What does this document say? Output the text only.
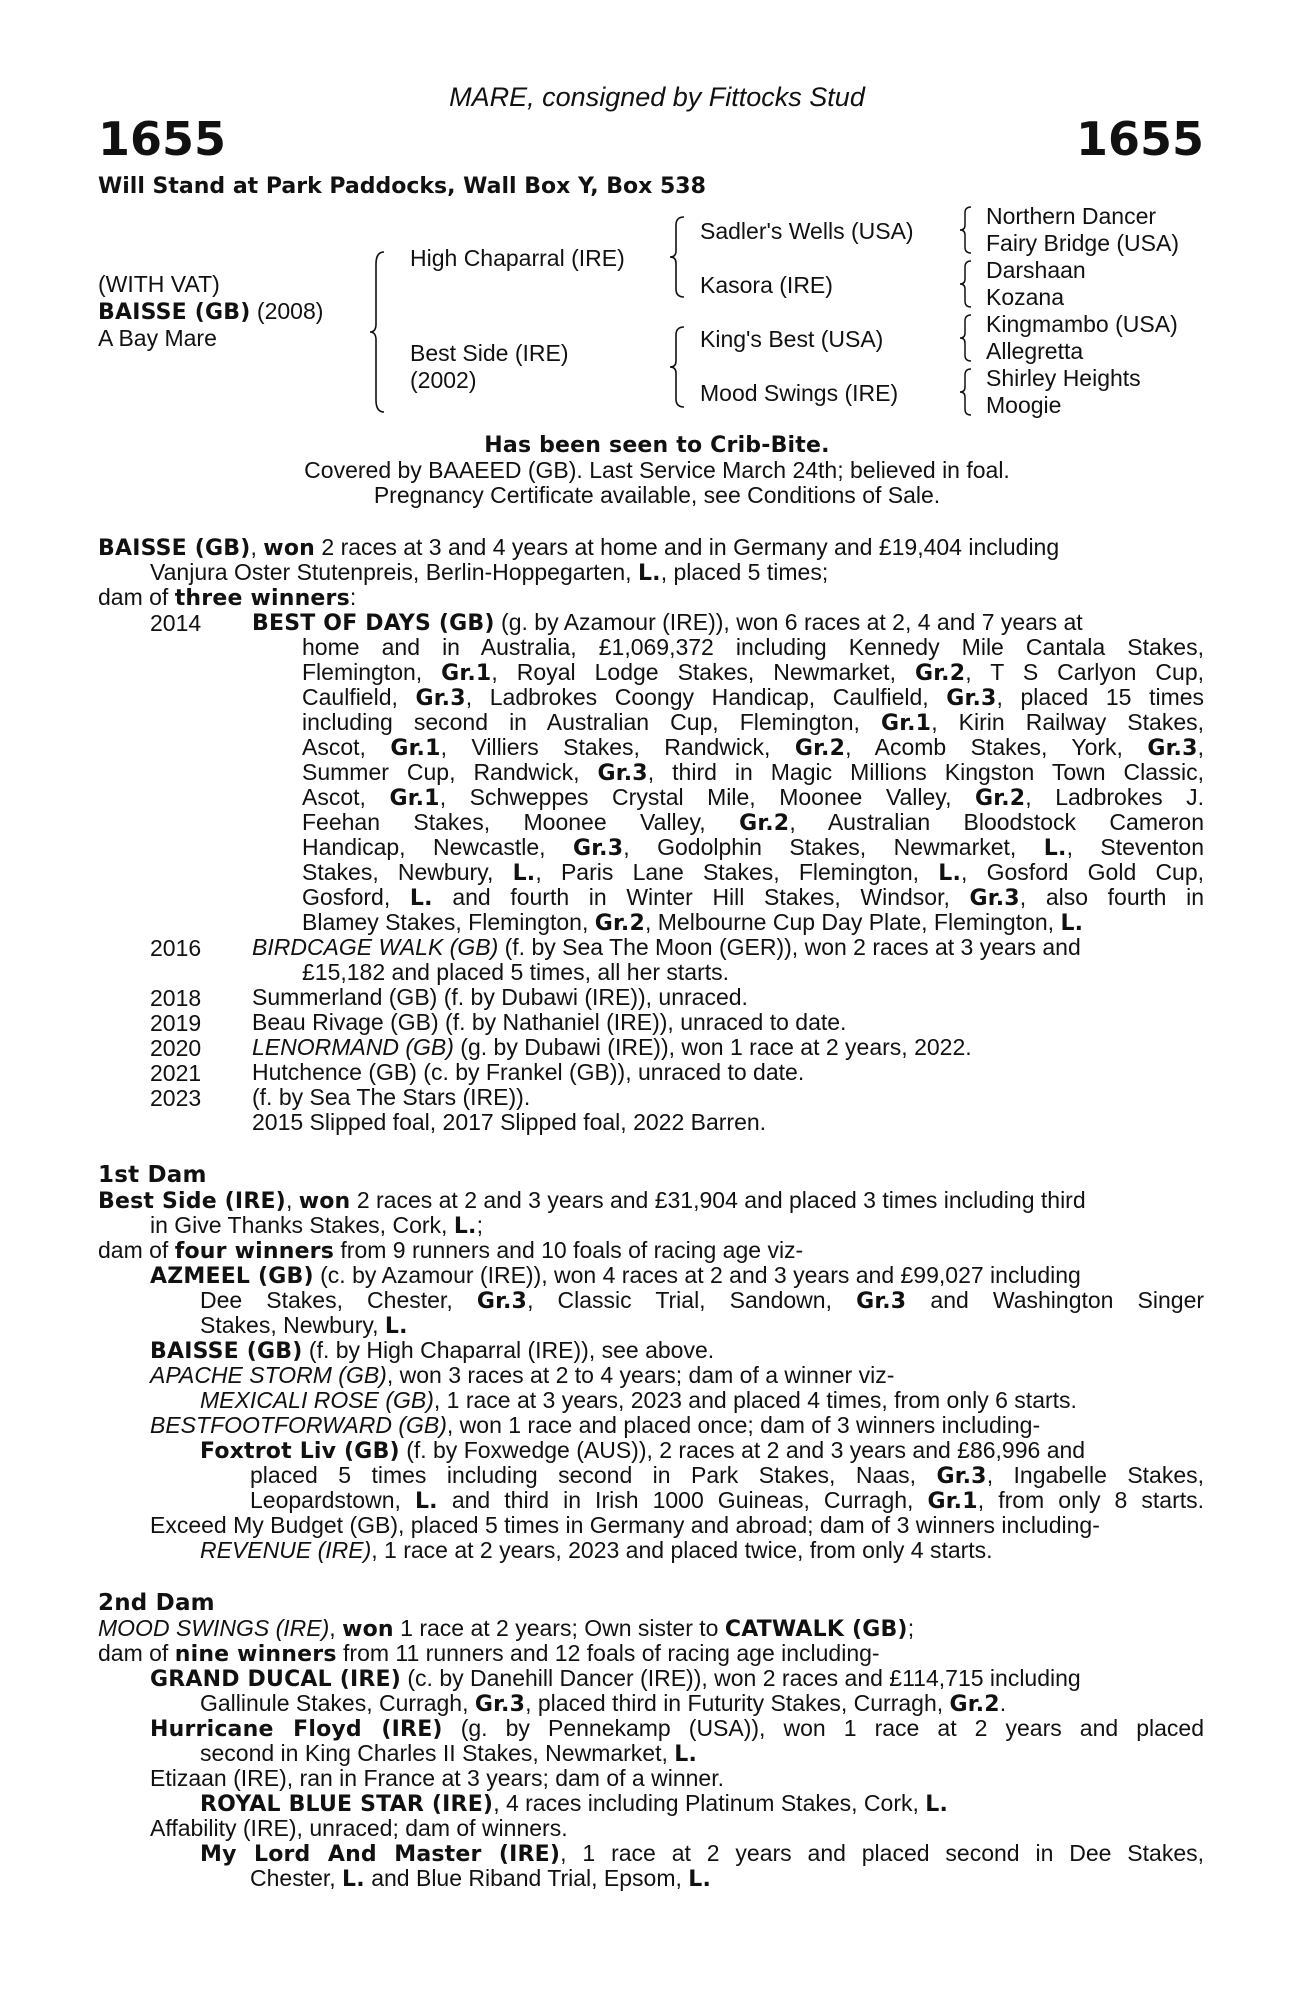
MARE, consigned by Fittocks Stud
1655	1655
Will Stand at Park Paddocks, Wall Box Y, Box 538
(WITH VAT)
BAISSE (GB) (2008)
A Bay Mare
High Chaparral (IRE)
Best Side (IRE)
(2002)
Sadler's Wells (USA)
Kasora (IRE)
King's Best (USA)
Mood Swings (IRE)
Northern Dancer
Fairy Bridge (USA)
Darshaan
Kozana
Kingmambo (USA)
Allegretta
Shirley Heights
Moogie
Has been seen to Crib-Bite.
Covered by BAAEED (GB). Last Service March 24th; believed in foal.
Pregnancy Certificate available, see Conditions of Sale.
BAISSE (GB), won 2 races at 3 and 4 years at home and in Germany and £19,404 including
Vanjura Oster Stutenpreis, Berlin-Hoppegarten, L., placed 5 times;
dam of three winners:
2014 BEST OF DAYS (GB) (g. by Azamour (IRE)), won 6 races at 2, 4 and 7 years at
home and in Australia, £1,069,372 including Kennedy Mile Cantala Stakes,
Flemington, Gr.1, Royal Lodge Stakes, Newmarket, Gr.2, T S Carlyon Cup,
Caulfield, Gr.3, Ladbrokes Coongy Handicap, Caulfield, Gr.3, placed 15 times
including second in Australian Cup, Flemington, Gr.1, Kirin Railway Stakes,
Ascot, Gr.1, Villiers Stakes, Randwick, Gr.2, Acomb Stakes, York, Gr.3,
Summer Cup, Randwick, Gr.3, third in Magic Millions Kingston Town Classic,
Ascot, Gr.1, Schweppes Crystal Mile, Moonee Valley, Gr.2, Ladbrokes J.
Feehan Stakes, Moonee Valley, Gr.2, Australian Bloodstock Cameron
Handicap, Newcastle, Gr.3, Godolphin Stakes, Newmarket, L., Steventon
Stakes, Newbury, L., Paris Lane Stakes, Flemington, L., Gosford Gold Cup,
Gosford, L. and fourth in Winter Hill Stakes, Windsor, Gr.3, also fourth in
Blamey Stakes, Flemington, Gr.2, Melbourne Cup Day Plate, Flemington, L.
2016 BIRDCAGE WALK (GB) (f. by Sea The Moon (GER)), won 2 races at 3 years and
£15,182 and placed 5 times, all her starts.
2018 Summerland (GB) (f. by Dubawi (IRE)), unraced.
2019 Beau Rivage (GB) (f. by Nathaniel (IRE)), unraced to date.
2020 LENORMAND (GB) (g. by Dubawi (IRE)), won 1 race at 2 years, 2022.
2021 Hutchence (GB) (c. by Frankel (GB)), unraced to date.
2023 (f. by Sea The Stars (IRE)).
2015 Slipped foal, 2017 Slipped foal, 2022 Barren.
1st Dam
Best Side (IRE), won 2 races at 2 and 3 years and £31,904 and placed 3 times including third
in Give Thanks Stakes, Cork, L.;
dam of four winners from 9 runners and 10 foals of racing age viz-
AZMEEL (GB) (c. by Azamour (IRE)), won 4 races at 2 and 3 years and £99,027 including
Dee Stakes, Chester, Gr.3, Classic Trial, Sandown, Gr.3 and Washington Singer
Stakes, Newbury, L.
BAISSE (GB) (f. by High Chaparral (IRE)), see above.
APACHE STORM (GB), won 3 races at 2 to 4 years; dam of a winner viz-
MEXICALI ROSE (GB), 1 race at 3 years, 2023 and placed 4 times, from only 6 starts.
BESTFOOTFORWARD (GB), won 1 race and placed once; dam of 3 winners including-
Foxtrot Liv (GB) (f. by Foxwedge (AUS)), 2 races at 2 and 3 years and £86,996 and
placed 5 times including second in Park Stakes, Naas, Gr.3, Ingabelle Stakes,
Leopardstown, L. and third in Irish 1000 Guineas, Curragh, Gr.1, from only 8 starts.
Exceed My Budget (GB), placed 5 times in Germany and abroad; dam of 3 winners including-
REVENUE (IRE), 1 race at 2 years, 2023 and placed twice, from only 4 starts.
2nd Dam
MOOD SWINGS (IRE), won 1 race at 2 years; Own sister to CATWALK (GB);
dam of nine winners from 11 runners and 12 foals of racing age including-
GRAND DUCAL (IRE) (c. by Danehill Dancer (IRE)), won 2 races and £114,715 including
Gallinule Stakes, Curragh, Gr.3, placed third in Futurity Stakes, Curragh, Gr.2.
Hurricane Floyd (IRE) (g. by Pennekamp (USA)), won 1 race at 2 years and placed
second in King Charles II Stakes, Newmarket, L.
Etizaan (IRE), ran in France at 3 years; dam of a winner.
ROYAL BLUE STAR (IRE), 4 races including Platinum Stakes, Cork, L.
Affability (IRE), unraced; dam of winners.
My Lord And Master (IRE), 1 race at 2 years and placed second in Dee Stakes,
Chester, L. and Blue Riband Trial, Epsom, L.
